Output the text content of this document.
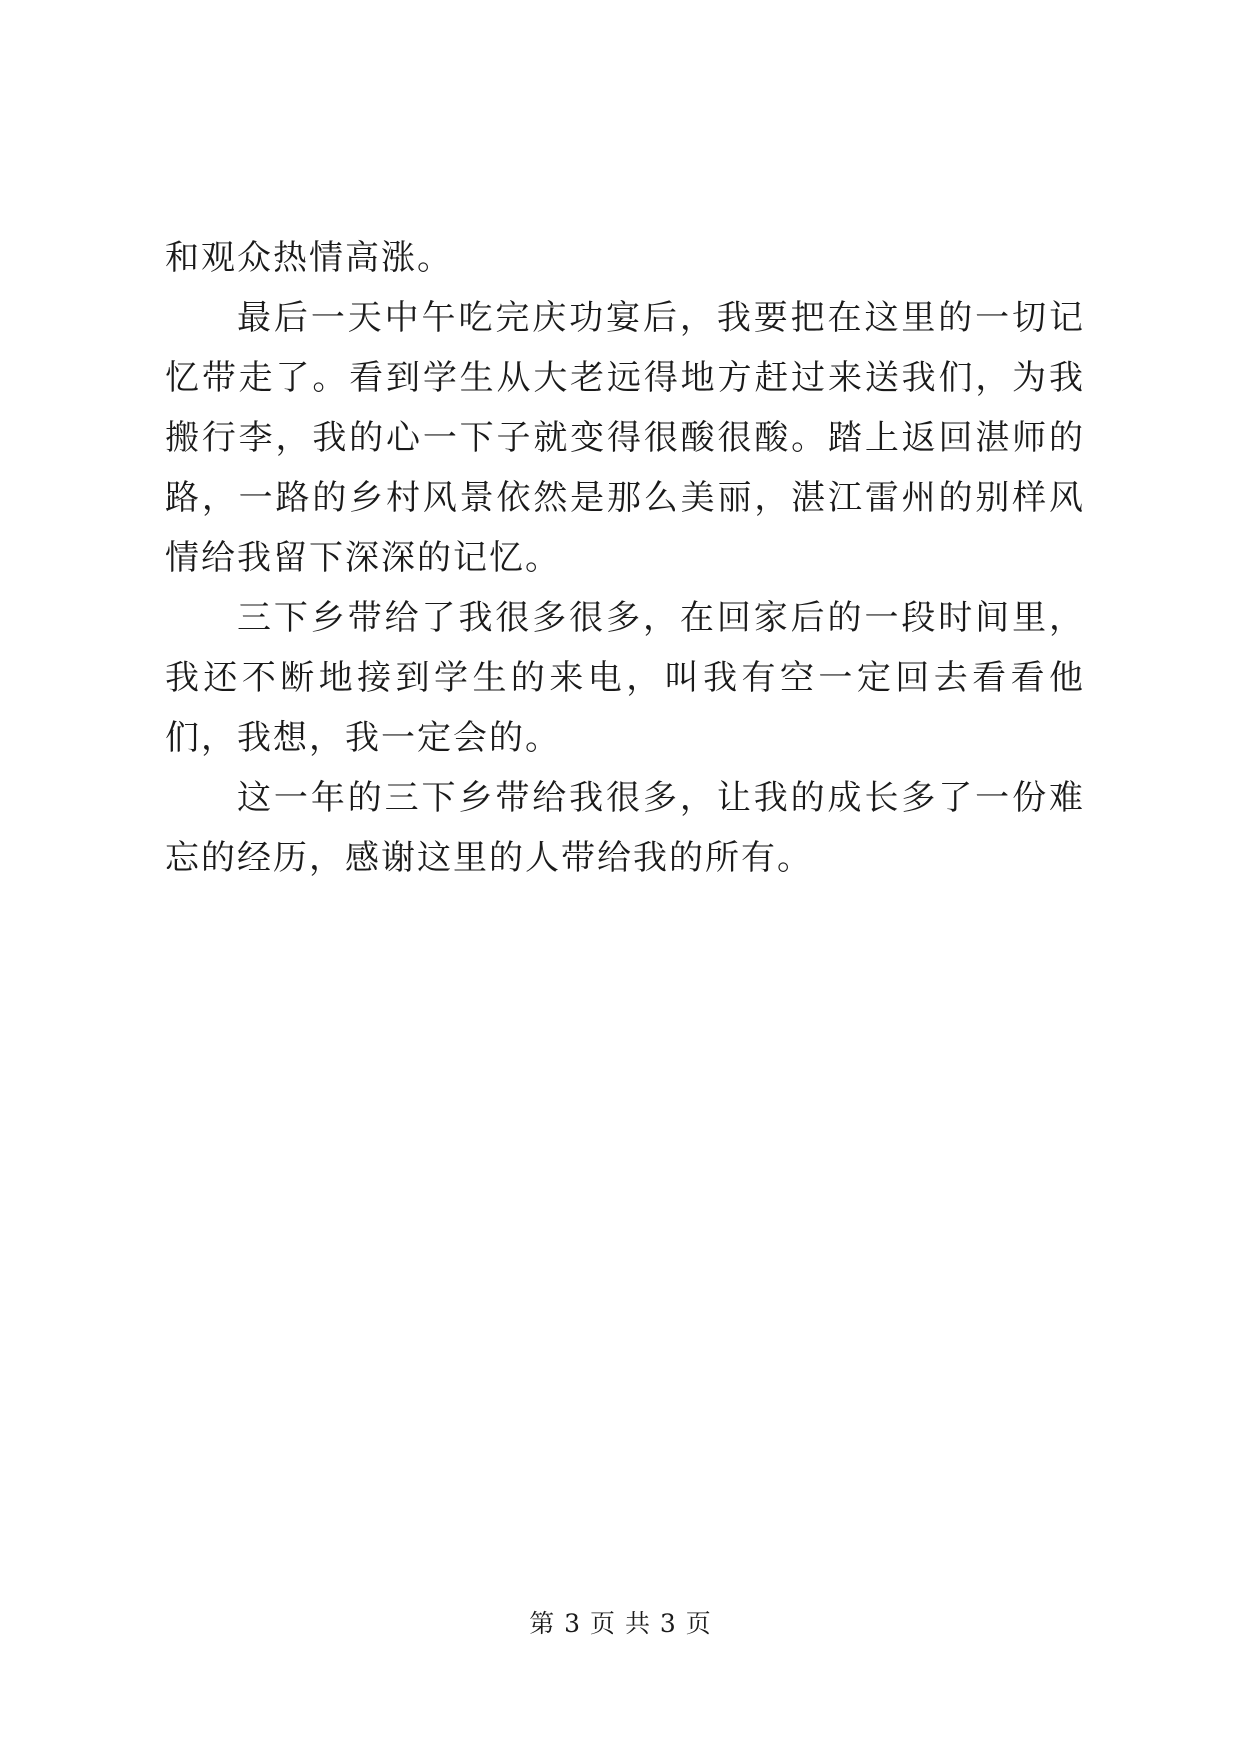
和观众热情高涨。

最后一天中午吃完庆功宴后，我要把在这里的一切记忆带走了。看到学生从大老远得地方赶过来送我们，为我搬行李，我的心一下子就变得很酸很酸。踏上返回湛师的路，一路的乡村风景依然是那么美丽，湛江雷州的别样风情给我留下深深的记忆。

三下乡带给了我很多很多，在回家后的一段时间里，我还不断地接到学生的来电，叫我有空一定回去看看他们，我想，我一定会的。

这一年的三下乡带给我很多，让我的成长多了一份难忘的经历，感谢这里的人带给我的所有。

第 3 页 共 3 页
